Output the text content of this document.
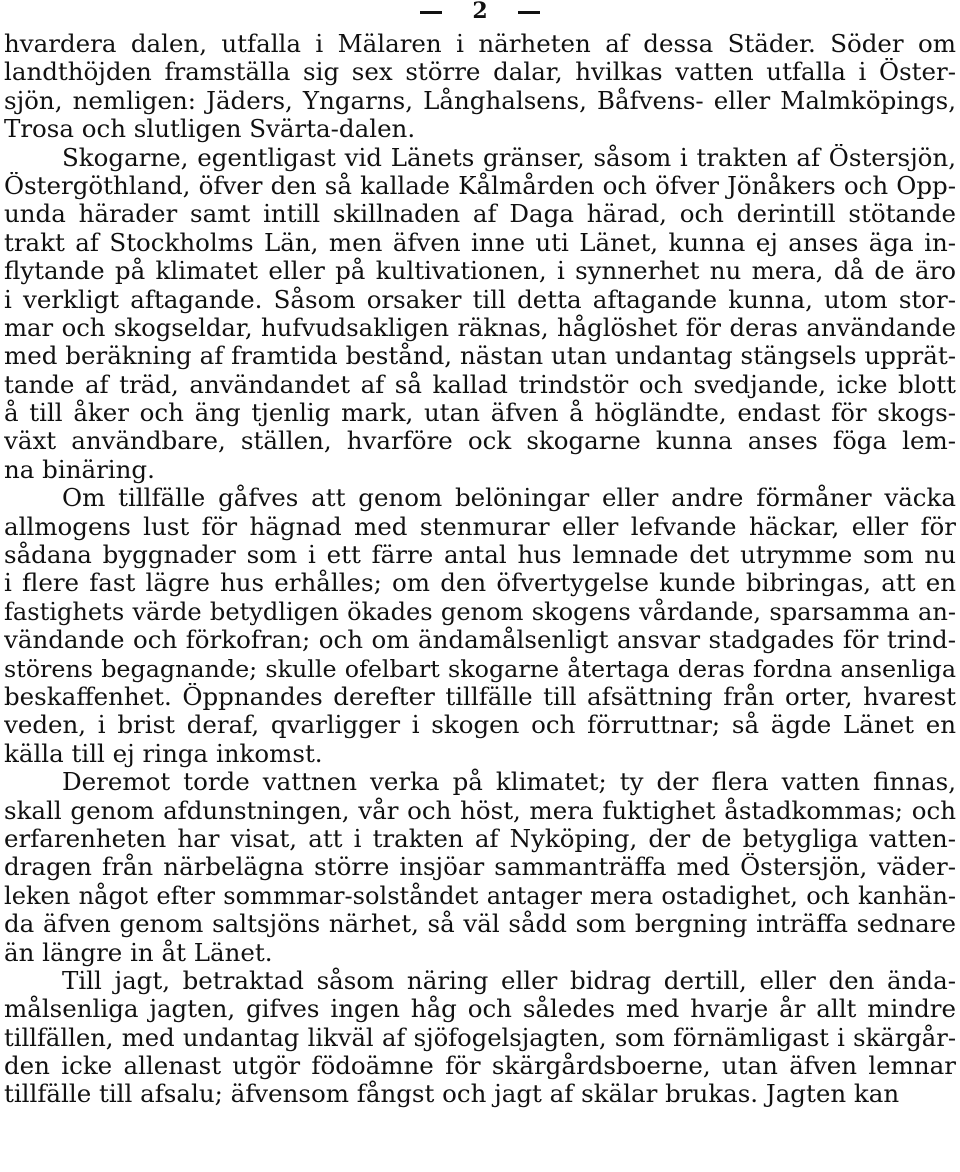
2
hvardera dalen, utfalla i Mälaren i närheten af dessa Städer. Söder om
landthöjden framställa sig sex större dalar, hvilkas vatten utfalla i Öster-
sjön, nemligen: Jäders, Yngarns, Långhalsens, Båfvens- eller Malmköpings,
Trosa och slutligen Svärta-dalen.
Skogarne, egentligast vid Länets gränser, såsom i trakten af Östersjön,
Östergöthland, öfver den så kallade Kålmården och öfver Jönåkers och Opp-
unda härader samt intill skillnaden af Daga härad, och derintill stötande
trakt af Stockholms Län, men äfven inne uti Länet, kunna ej anses äga in-
flytande på klimatet eller på kultivationen, i synnerhet nu mera, då de äro
i verkligt aftagande. Såsom orsaker till detta aftagande kunna, utom stor-
mar och skogseldar, hufvudsakligen räknas, håglöshet för deras användande
med beräkning af framtida bestånd, nästan utan undantag stängsels upprät-
tande af träd, användandet af så kallad trindstör och svedjande, icke blott
å till åker och äng tjenlig mark, utan äfven å högländte, endast för skogs-
växt användbare, ställen, hvarföre ock skogarne kunna anses föga lem-
na binäring.
Om tillfälle gåfves att genom belöningar eller andre förmåner väcka
allmogens lust för hägnad med stenmurar eller lefvande häckar, eller för
sådana byggnader som i ett färre antal hus lemnade det utrymme som nu
i flere fast lägre hus erhålles; om den öfvertygelse kunde bibringas, att en
fastighets värde betydligen ökades genom skogens vårdande, sparsamma an-
vändande och förkofran; och om ändamålsenligt ansvar stadgades för trind-
störens begagnande; skulle ofelbart skogarne återtaga deras fordna ansenliga
beskaffenhet. Öppnandes derefter tillfälle till afsättning från orter, hvarest
veden, i brist deraf, qvarligger i skogen och förruttnar; så ägde Länet en
källa till ej ringa inkomst.
Deremot torde vattnen verka på klimatet; ty der flera vatten finnas,
skall genom afdunstningen, vår och höst, mera fuktighet åstadkommas; och
erfarenheten har visat, att i trakten af Nyköping, der de betygliga vatten-
dragen från närbelägna större insjöar sammanträffa med Östersjön, väder-
leken något efter sommmar-solståndet antager mera ostadighet, och kanhän-
da äfven genom saltsjöns närhet, så väl sådd som bergning inträffa sednare
än längre in åt Länet.
Till jagt, betraktad såsom näring eller bidrag dertill, eller den ända-
målsenliga jagten, gifves ingen håg och således med hvarje år allt mindre
tillfällen, med undantag likväl af sjöfogelsjagten, som förnämligast i skärgår-
den icke allenast utgör födoämne för skärgårdsboerne, utan äfven lemnar
tillfälle till afsalu; äfvensom fångst och jagt af skälar brukas. Jagten kan
